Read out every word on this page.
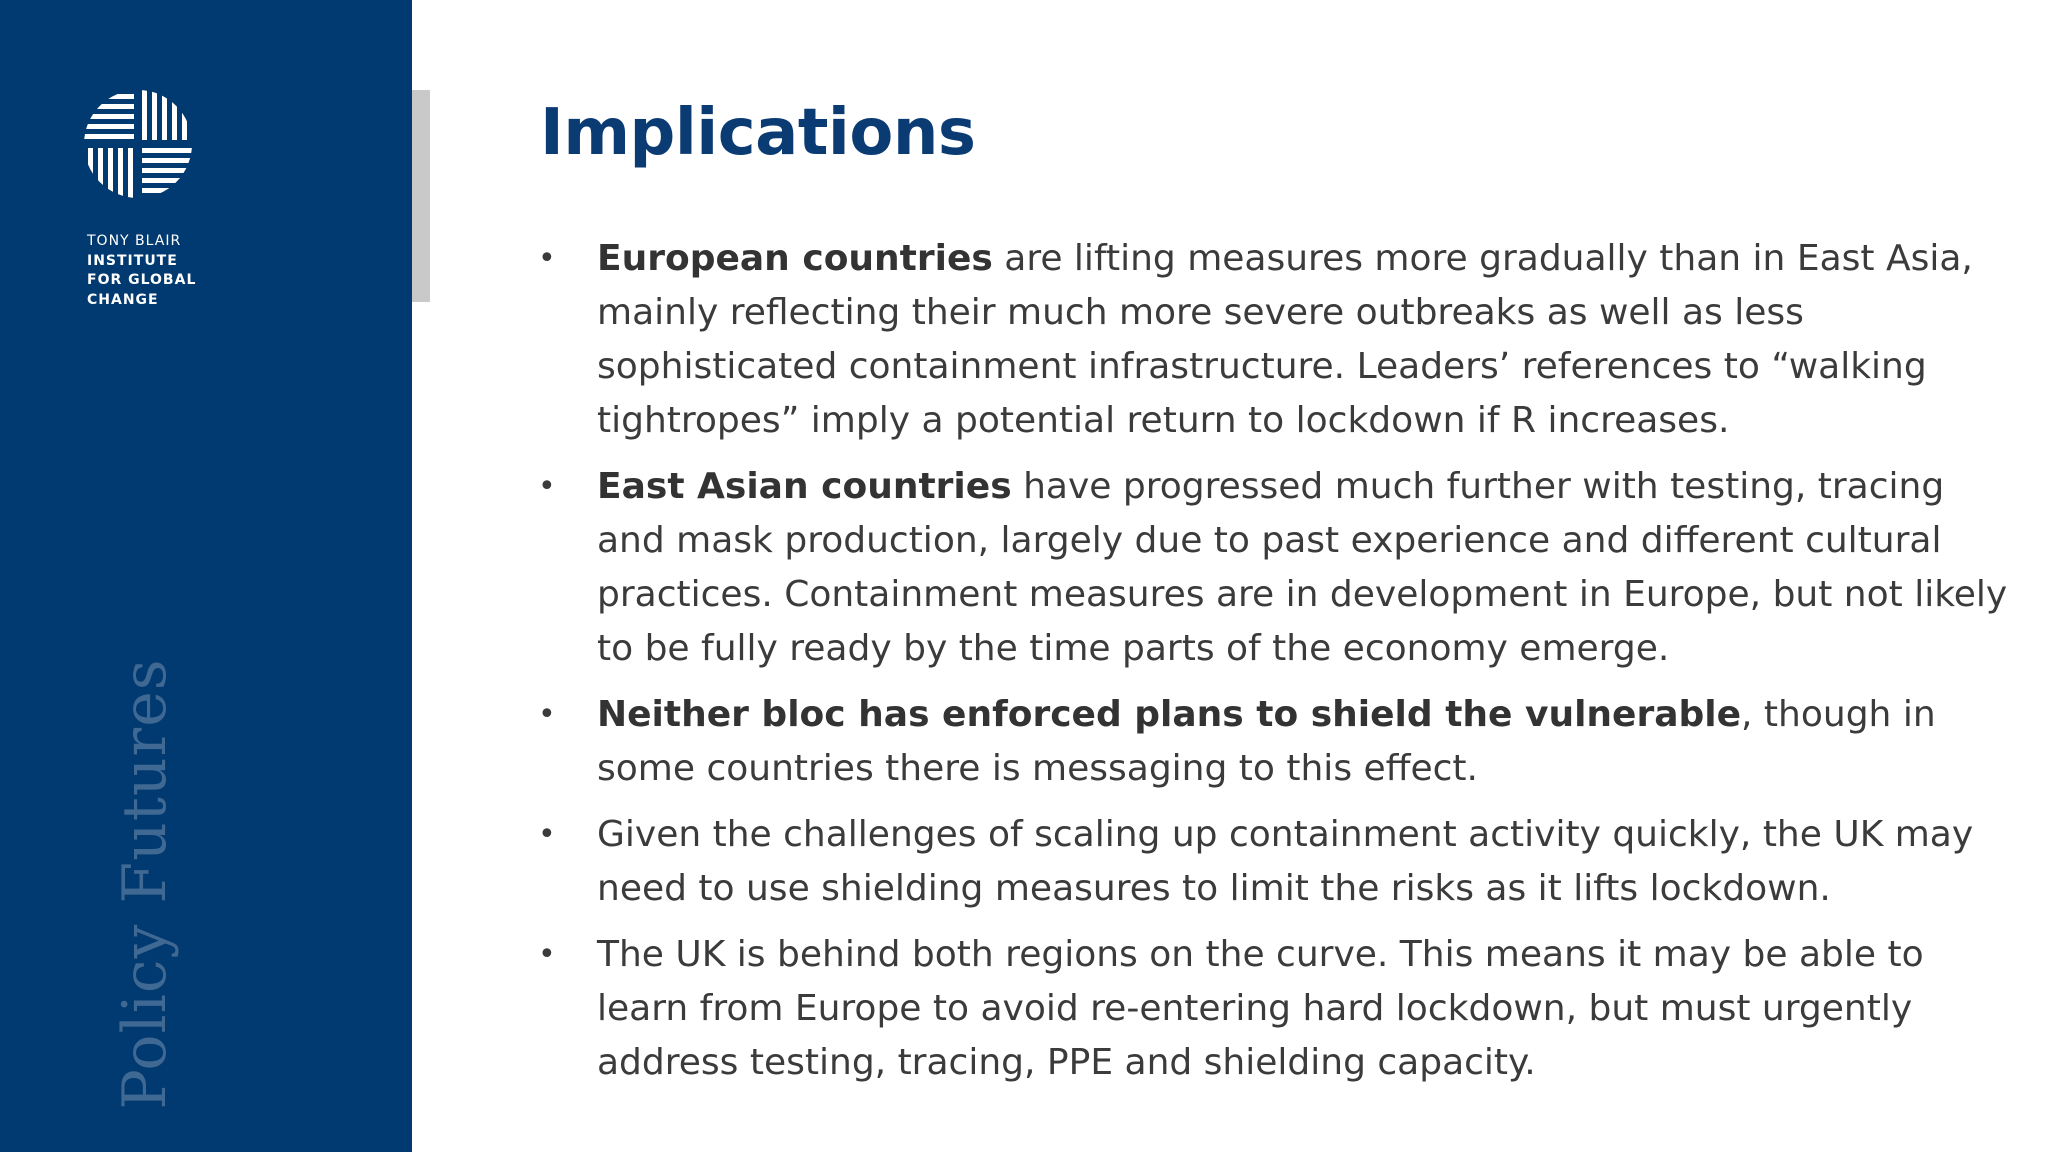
TONY BLAIR
INSTITUTE
FOR GLOBAL
CHANGE
Policy Futures
Implications
• European countries are lifting measures more gradually than in East Asia, mainly reflecting their much more severe outbreaks as well as less sophisticated containment infrastructure. Leaders’ references to “walking tightropes” imply a potential return to lockdown if R increases.
• East Asian countries have progressed much further with testing, tracing and mask production, largely due to past experience and different cultural practices. Containment measures are in development in Europe, but not likely to be fully ready by the time parts of the economy emerge.
• Neither bloc has enforced plans to shield the vulnerable, though in some countries there is messaging to this effect.
• Given the challenges of scaling up containment activity quickly, the UK may need to use shielding measures to limit the risks as it lifts lockdown.
• The UK is behind both regions on the curve. This means it may be able to learn from Europe to avoid re-entering hard lockdown, but must urgently address testing, tracing, PPE and shielding capacity.
